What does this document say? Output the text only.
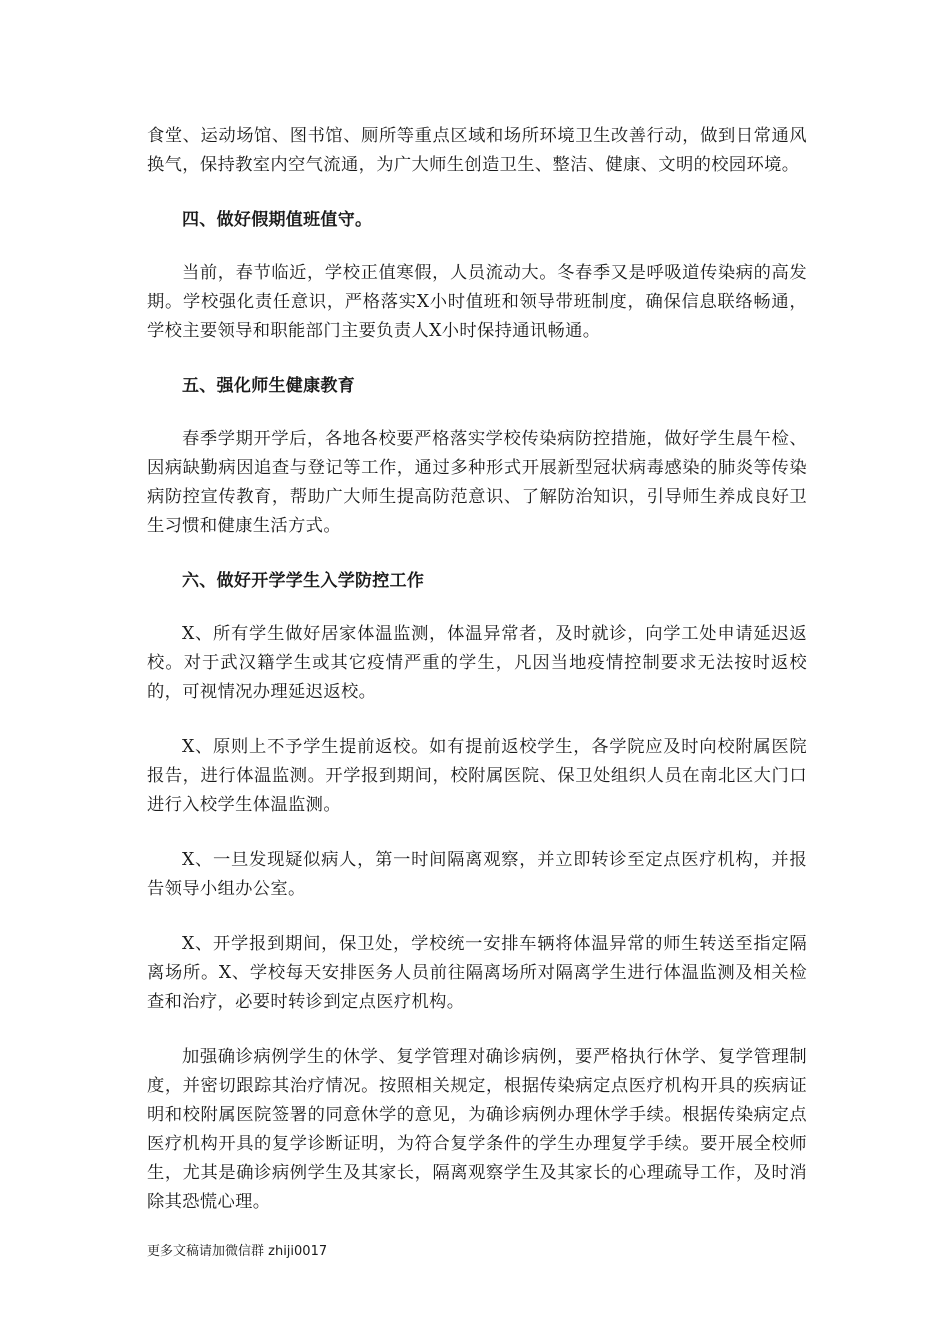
食堂、运动场馆、图书馆、厕所等重点区域和场所环境卫生改善行动，做到日常通风换气，保持教室内空气流通，为广大师生创造卫生、整洁、健康、文明的校园环境。

四、做好假期值班值守。

当前，春节临近，学校正值寒假，人员流动大。冬春季又是呼吸道传染病的高发期。学校强化责任意识，严格落实X小时值班和领导带班制度，确保信息联络畅通，学校主要领导和职能部门主要负责人X小时保持通讯畅通。

五、强化师生健康教育

春季学期开学后，各地各校要严格落实学校传染病防控措施，做好学生晨午检、因病缺勤病因追查与登记等工作，通过多种形式开展新型冠状病毒感染的肺炎等传染病防控宣传教育，帮助广大师生提高防范意识、了解防治知识，引导师生养成良好卫生习惯和健康生活方式。

六、做好开学学生入学防控工作

X、所有学生做好居家体温监测，体温异常者，及时就诊，向学工处申请延迟返校。对于武汉籍学生或其它疫情严重的学生，凡因当地疫情控制要求无法按时返校的，可视情况办理延迟返校。

X、原则上不予学生提前返校。如有提前返校学生，各学院应及时向校附属医院报告，进行体温监测。开学报到期间，校附属医院、保卫处组织人员在南北区大门口进行入校学生体温监测。

X、一旦发现疑似病人，第一时间隔离观察，并立即转诊至定点医疗机构，并报告领导小组办公室。

X、开学报到期间，保卫处，学校统一安排车辆将体温异常的师生转送至指定隔离场所。X、学校每天安排医务人员前往隔离场所对隔离学生进行体温监测及相关检查和治疗，必要时转诊到定点医疗机构。

加强确诊病例学生的休学、复学管理对确诊病例，要严格执行休学、复学管理制度，并密切跟踪其治疗情况。按照相关规定，根据传染病定点医疗机构开具的疾病证明和校附属医院签署的同意休学的意见，为确诊病例办理休学手续。根据传染病定点医疗机构开具的复学诊断证明，为符合复学条件的学生办理复学手续。要开展全校师生，尤其是确诊病例学生及其家长，隔离观察学生及其家长的心理疏导工作，及时消除其恐慌心理。

更多文稿请加微信群 zhiji0017
